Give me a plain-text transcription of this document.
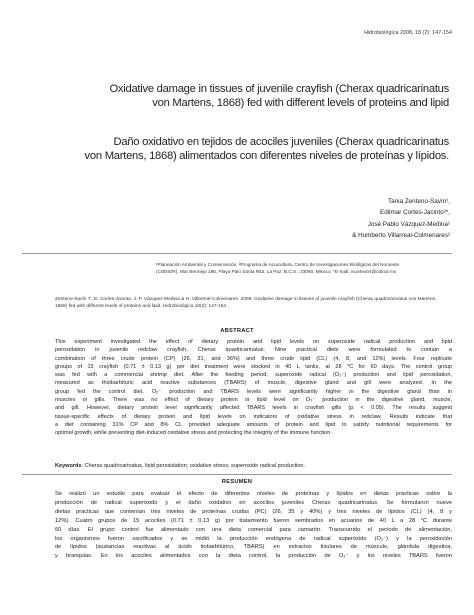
Hidrobiológica 2008, 18 (2): 147-154
Oxidative damage in tissues of juvenile crayfish (Cherax quadricarinatus
von Martens, 1868) fed with different levels of proteins and lipid
Daño oxidativo en tejidos de acociles juveniles (Cherax quadricarinatus
von Martens, 1868) alimentados con diferentes niveles de proteínas y lípidos.
Tania Zenteno-Savín¹,
Edilmar Cortes-Jacinto²*,
José Pablo Vázquez-Medina¹
& Humberto Villarreal-Colmenares²
¹Planeación Ambiental y Conservación, ²Programa de Acuicultura, Centro de Investigaciones Biológicas del Noroeste
(CIBNOR), Mar Bermejo 195, Playa Palo Santa Rita, La Paz, B.C.S., 23090, México. *E-mail: ecortes04@cibnor.mx
Zenteno-Savín T., E. Cortes-Jacinto, J. P. Vázquez-Medina & H. Villarreal-Colmenares. 2008. Oxidative damage in tissues of juvenile crayfish (Cherax quadricarinatus von Martens,
1868) fed with different levels of proteins and lipid. Hidrobiológica 18(2): 147-154.
ABSTRACT
This experiment investigated the effect of dietary protein and lipid levels on superoxide radical production and lipid
peroxidation in juvenile redclaw crayfish, Cherax quadricarinatus. Nine practical diets were formulated to contain a
combination of three crude protein (CP) (26, 31, and 36%) and three crude lipid (CL) (4, 8, and 12%) levels. Four replicate
groups of 15 crayfish (0.71 ± 0.13 g) per diet treatment were stocked in 40 L tanks, at 28 °C for 60 days. The control group
was fed with a commercial shrimp diet. After the feeding period, superoxide radical (O₂⁻) production and lipid peroxidation,
measured as thiobarbituric acid reactive substances (TBARS) of muscle, digestive gland and gill were analyzed. In the
group fed the control diet, O₂⁻ production and TBARS levels were significantly higher in the digestive gland than in
muscles or gills. There was no effect of dietary protein or lipid level on O₂⁻ production in the digestive gland, muscle,
and gill. However, dietary protein level significantly affected TBARS levels in crayfish gills (p < 0.05). The results suggest
tissue-specific effects of dietary protein and lipid levels on indicators of oxidative stress in redclaw. Results indicate that
a diet containing 31% CP and 8% CL provided adequate amounts of protein and lipid to satisfy nutritional requirements for
optimal growth, while preventing diet-induced oxidative stress and protecting the integrity of the immune function.
Keywords: Cherax quadricarinatus, lipid peroxidation; oxidative stress; superoxide radical production.
RESUMEN
Se realizó un estudio para evaluar el efecto de diferentes niveles de proteínas y lípidos en dietas prácticas sobre la
producción de radical superóxido y el daño oxidativo en acociles juveniles Cherax quadricarinatus. Se formularon nueve
dietas prácticas que contenían tres niveles de proteínas crudas (PC) (26, 35 y 40%) y tres niveles de lípidos (CL) (4, 8 y
12%). Cuatro grupos de 15 acociles (0.71 ± 0.13 g) por tratamiento fueron sembrados en acuarios de 40 L a 28 °C durante
60 días. El grupo control fue alimentado con una dieta comercial para camarón. Transcurrido el periodo de alimentación,
los organismos fueron sacrificados y se midió la producción endógena de radical superóxido (O₂⁻) y la peroxidación
de lípidos (sustancias reactivas al ácido tiobarbitúrico, TBARS) en extractos tisulares de músculo, glándula digestiva,
y branquias. En los acociles alimentados con la dieta control, la producción de O₂⁻ y los niveles TBARS fueron
